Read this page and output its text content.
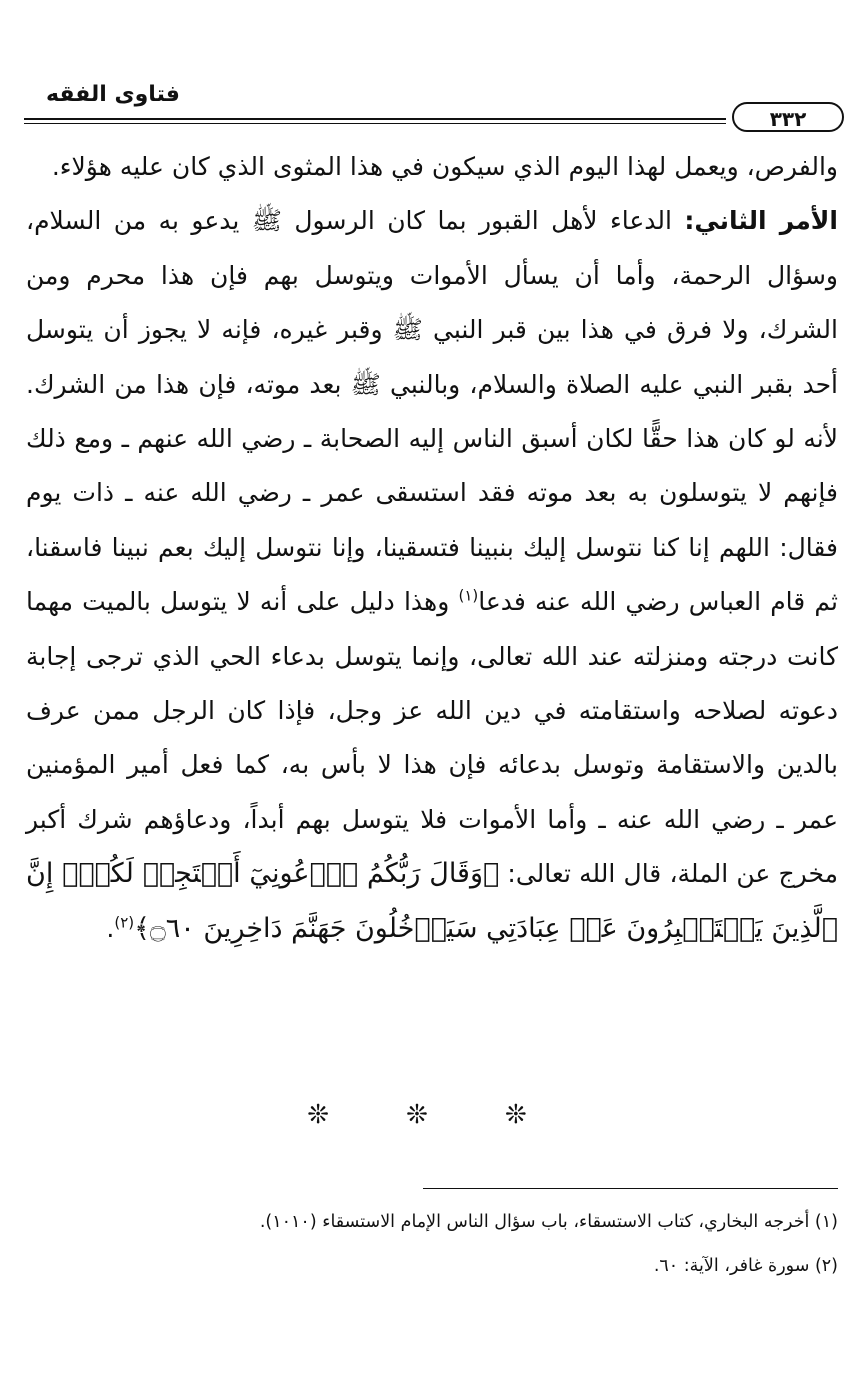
فتاوى الفقه
٣٣٢

والفرص، ويعمل لهذا اليوم الذي سيكون في هذا المثوى الذي كان عليه هؤلاء.

الأمر الثاني: الدعاء لأهل القبور بما كان الرسول ﷺ يدعو به من السلام، وسؤال الرحمة، وأما أن يسأل الأموات ويتوسل بهم فإن هذا محرم ومن الشرك، ولا فرق في هذا بين قبر النبي ﷺ وقبر غيره، فإنه لا يجوز أن يتوسل أحد بقبر النبي عليه الصلاة والسلام، وبالنبي ﷺ بعد موته، فإن هذا من الشرك. لأنه لو كان هذا حقًّا لكان أسبق الناس إليه الصحابة ـ رضي الله عنهم ـ ومع ذلك فإنهم لا يتوسلون به بعد موته فقد استسقى عمر ـ رضي الله عنه ـ ذات يوم فقال: اللهم إنا كنا نتوسل إليك بنبينا فتسقينا، وإنا نتوسل إليك بعم نبينا فاسقنا، ثم قام العباس رضي الله عنه فدعا$^{(١)}$ وهذا دليل على أنه لا يتوسل بالميت مهما كانت درجته ومنزلته عند الله تعالى، وإنما يتوسل بدعاء الحي الذي ترجى إجابة دعوته لصلاحه واستقامته في دين الله عز وجل، فإذا كان الرجل ممن عرف بالدين والاستقامة وتوسل بدعائه فإن هذا لا بأس به، كما فعل أمير المؤمنين عمر ـ رضي الله عنه ـ وأما الأموات فلا يتوسل بهم أبداً، ودعاؤهم شرك أكبر مخرج عن الملة، قال الله تعالى: ﴿وَقَالَ رَبُّكُمُ ٱدۡعُونِيٓ أَسۡتَجِبۡ لَكُمۡۚ إِنَّ ٱلَّذِينَ يَسۡتَكۡبِرُونَ عَنۡ عِبَادَتِي سَيَدۡخُلُونَ جَهَنَّمَ دَاخِرِينَ ۝٦٠﴾$^{(٢)}$.

❊ ❊ ❊

(١) أخرجه البخاري، كتاب الاستسقاء، باب سؤال الناس الإمام الاستسقاء (١٠١٠).

(٢) سورة غافر، الآية: ٦٠.
